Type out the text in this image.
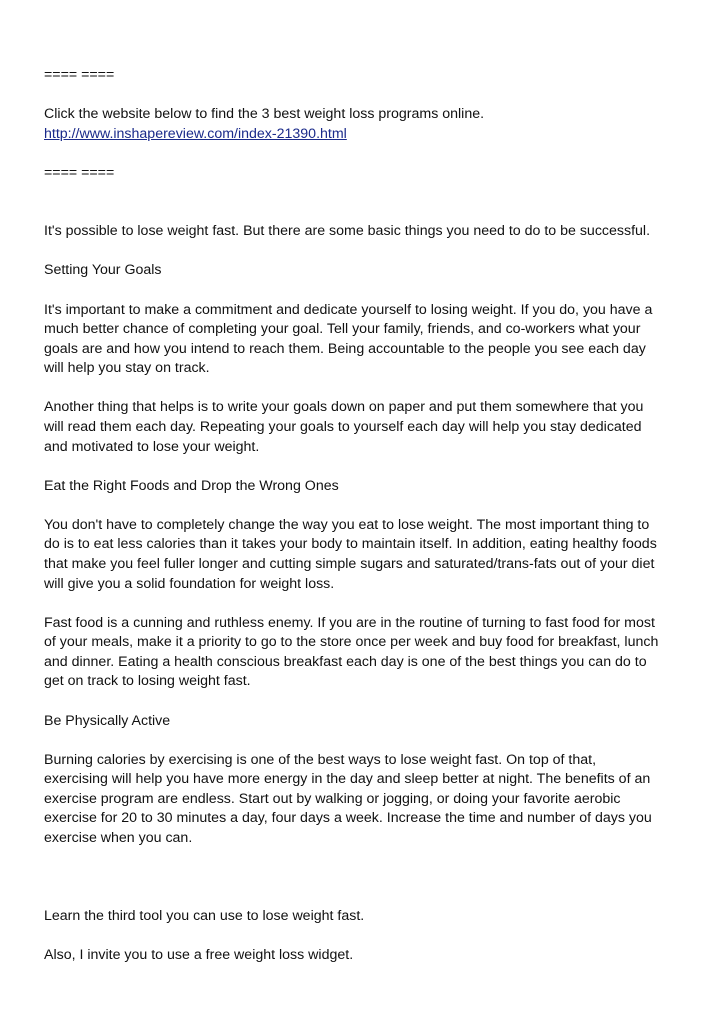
==== ====

Click the website below to find the 3 best weight loss programs online.

http://www.inshapereview.com/index-21390.html

==== ====

It's possible to lose weight fast. But there are some basic things you need to do to be successful.

Setting Your Goals

It's important to make a commitment and dedicate yourself to losing weight. If you do, you have a

much better chance of completing your goal. Tell your family, friends, and co-workers what your

goals are and how you intend to reach them. Being accountable to the people you see each day

will help you stay on track.

Another thing that helps is to write your goals down on paper and put them somewhere that you

will read them each day. Repeating your goals to yourself each day will help you stay dedicated

and motivated to lose your weight.

Eat the Right Foods and Drop the Wrong Ones

You don't have to completely change the way you eat to lose weight. The most important thing to

do is to eat less calories than it takes your body to maintain itself. In addition, eating healthy foods

that make you feel fuller longer and cutting simple sugars and saturated/trans-fats out of your diet

will give you a solid foundation for weight loss.

Fast food is a cunning and ruthless enemy. If you are in the routine of turning to fast food for most

of your meals, make it a priority to go to the store once per week and buy food for breakfast, lunch

and dinner. Eating a health conscious breakfast each day is one of the best things you can do to

get on track to losing weight fast.

Be Physically Active

Burning calories by exercising is one of the best ways to lose weight fast. On top of that,

exercising will help you have more energy in the day and sleep better at night. The benefits of an

exercise program are endless. Start out by walking or jogging, or doing your favorite aerobic

exercise for 20 to 30 minutes a day, four days a week. Increase the time and number of days you

exercise when you can.

Learn the third tool you can use to lose weight fast.

Also, I invite you to use a free weight loss widget.
